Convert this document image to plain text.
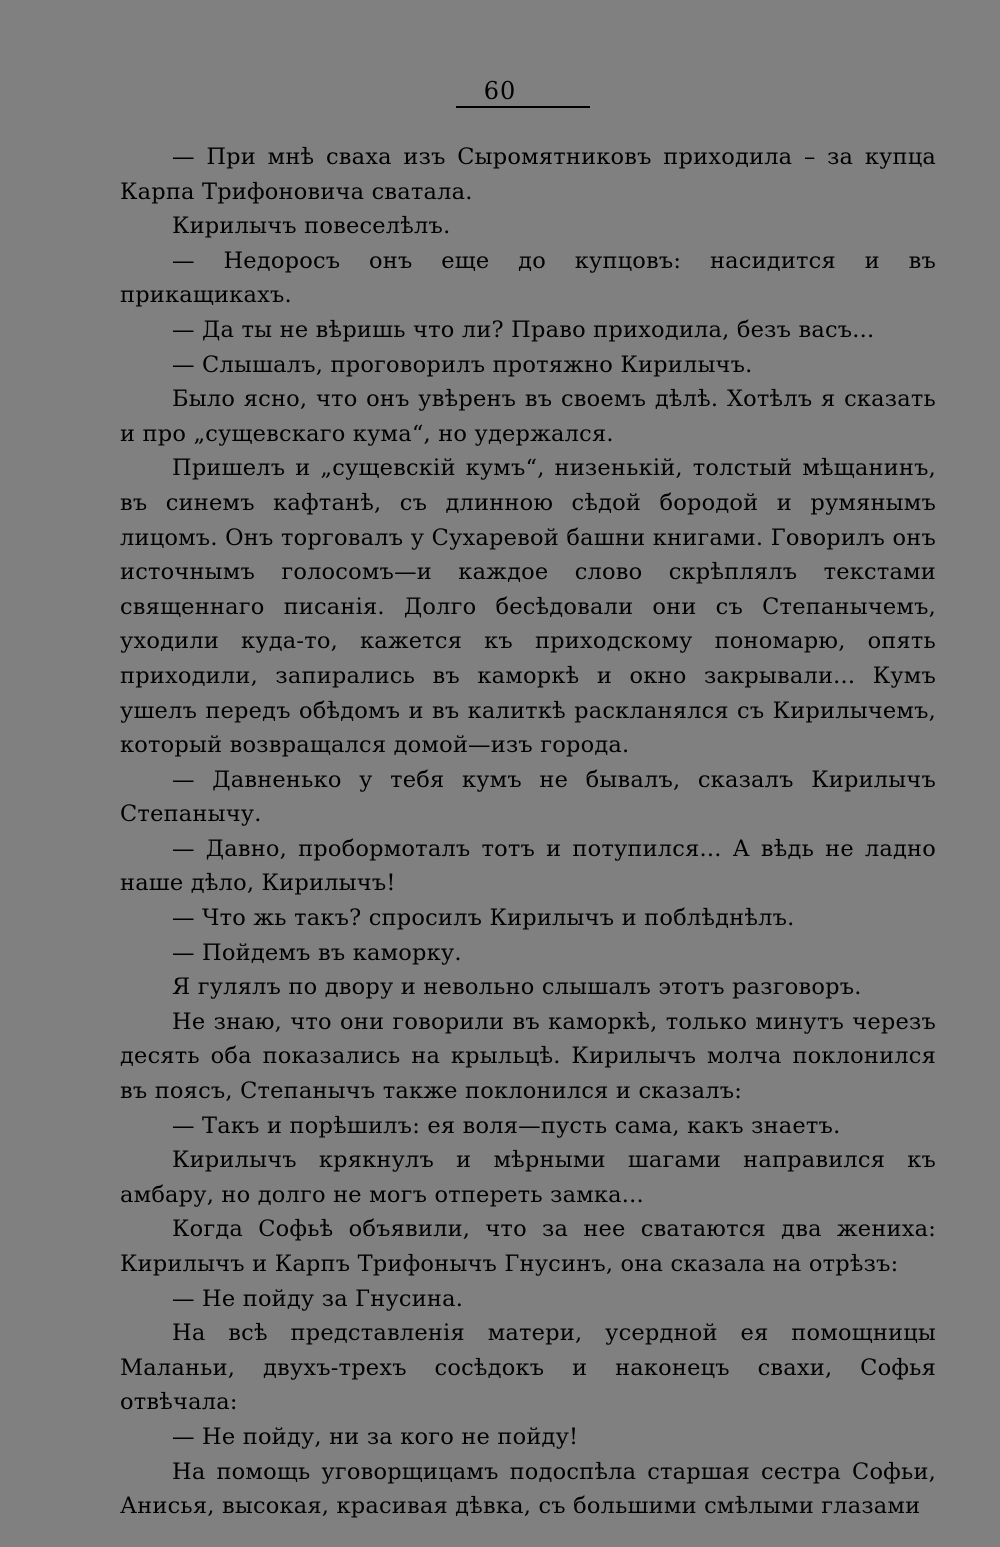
60

— При мнѣ сваха изъ Сыромятниковъ приходила – за купца Карпа Трифоновича сватала.

Кирилычъ повеселѣлъ.

— Недоросъ онъ еще до купцовъ: насидится и въ прикащикахъ.

— Да ты не вѣришь что ли? Право приходила, безъ васъ...

— Слышалъ, проговорилъ протяжно Кирилычъ.

Было ясно, что онъ увѣренъ въ своемъ дѣлѣ. Хотѣлъ я сказать и про „сущевскаго кума“, но удержался.

Пришелъ и „сущевскій кумъ“, низенькій, толстый мѣщанинъ, въ синемъ кафтанѣ, съ длинною сѣдой бородой и румянымъ лицомъ. Онъ торговалъ у Сухаревой башни книгами. Говорилъ онъ источнымъ голосомъ—и каждое слово скрѣплялъ текстами священнаго писанія. Долго бесѣдовали они съ Степанычемъ, уходили куда-то, кажется къ приходскому пономарю, опять приходили, запирались въ каморкѣ и окно закрывали... Кумъ ушелъ передъ обѣдомъ и въ калиткѣ раскланялся съ Кирилычемъ, который возвращался домой—изъ города.

— Давненько у тебя кумъ не бывалъ, сказалъ Кирилычъ Степанычу.

— Давно, пробормоталъ тотъ и потупился... А вѣдь не ладно наше дѣло, Кирилычъ!

— Что жь такъ? спросилъ Кирилычъ и поблѣднѣлъ.

— Пойдемъ въ каморку.

Я гулялъ по двору и невольно слышалъ этотъ разговоръ.

Не знаю, что они говорили въ каморкѣ, только минутъ черезъ десять оба показались на крыльцѣ. Кирилычъ молча поклонился въ поясъ, Степанычъ также поклонился и сказалъ:

— Такъ и порѣшилъ: ея воля—пусть сама, какъ знаетъ.

Кирилычъ крякнулъ и мѣрными шагами направился къ амбару, но долго не могъ отпереть замка...

Когда Софьѣ объявили, что за нее сватаются два жениха: Кирилычъ и Карпъ Трифонычъ Гнусинъ, она сказала на отрѣзъ:

— Не пойду за Гнусина.

На всѣ представленія матери, усердной ея помощницы Маланьи, двухъ-трехъ сосѣдокъ и наконецъ свахи, Софья отвѣчала:

— Не пойду, ни за кого не пойду!

На помощь уговорщицамъ подоспѣла старшая сестра Софьи, Анисья, высокая, красивая дѣвка, съ большими смѣлыми глазами
